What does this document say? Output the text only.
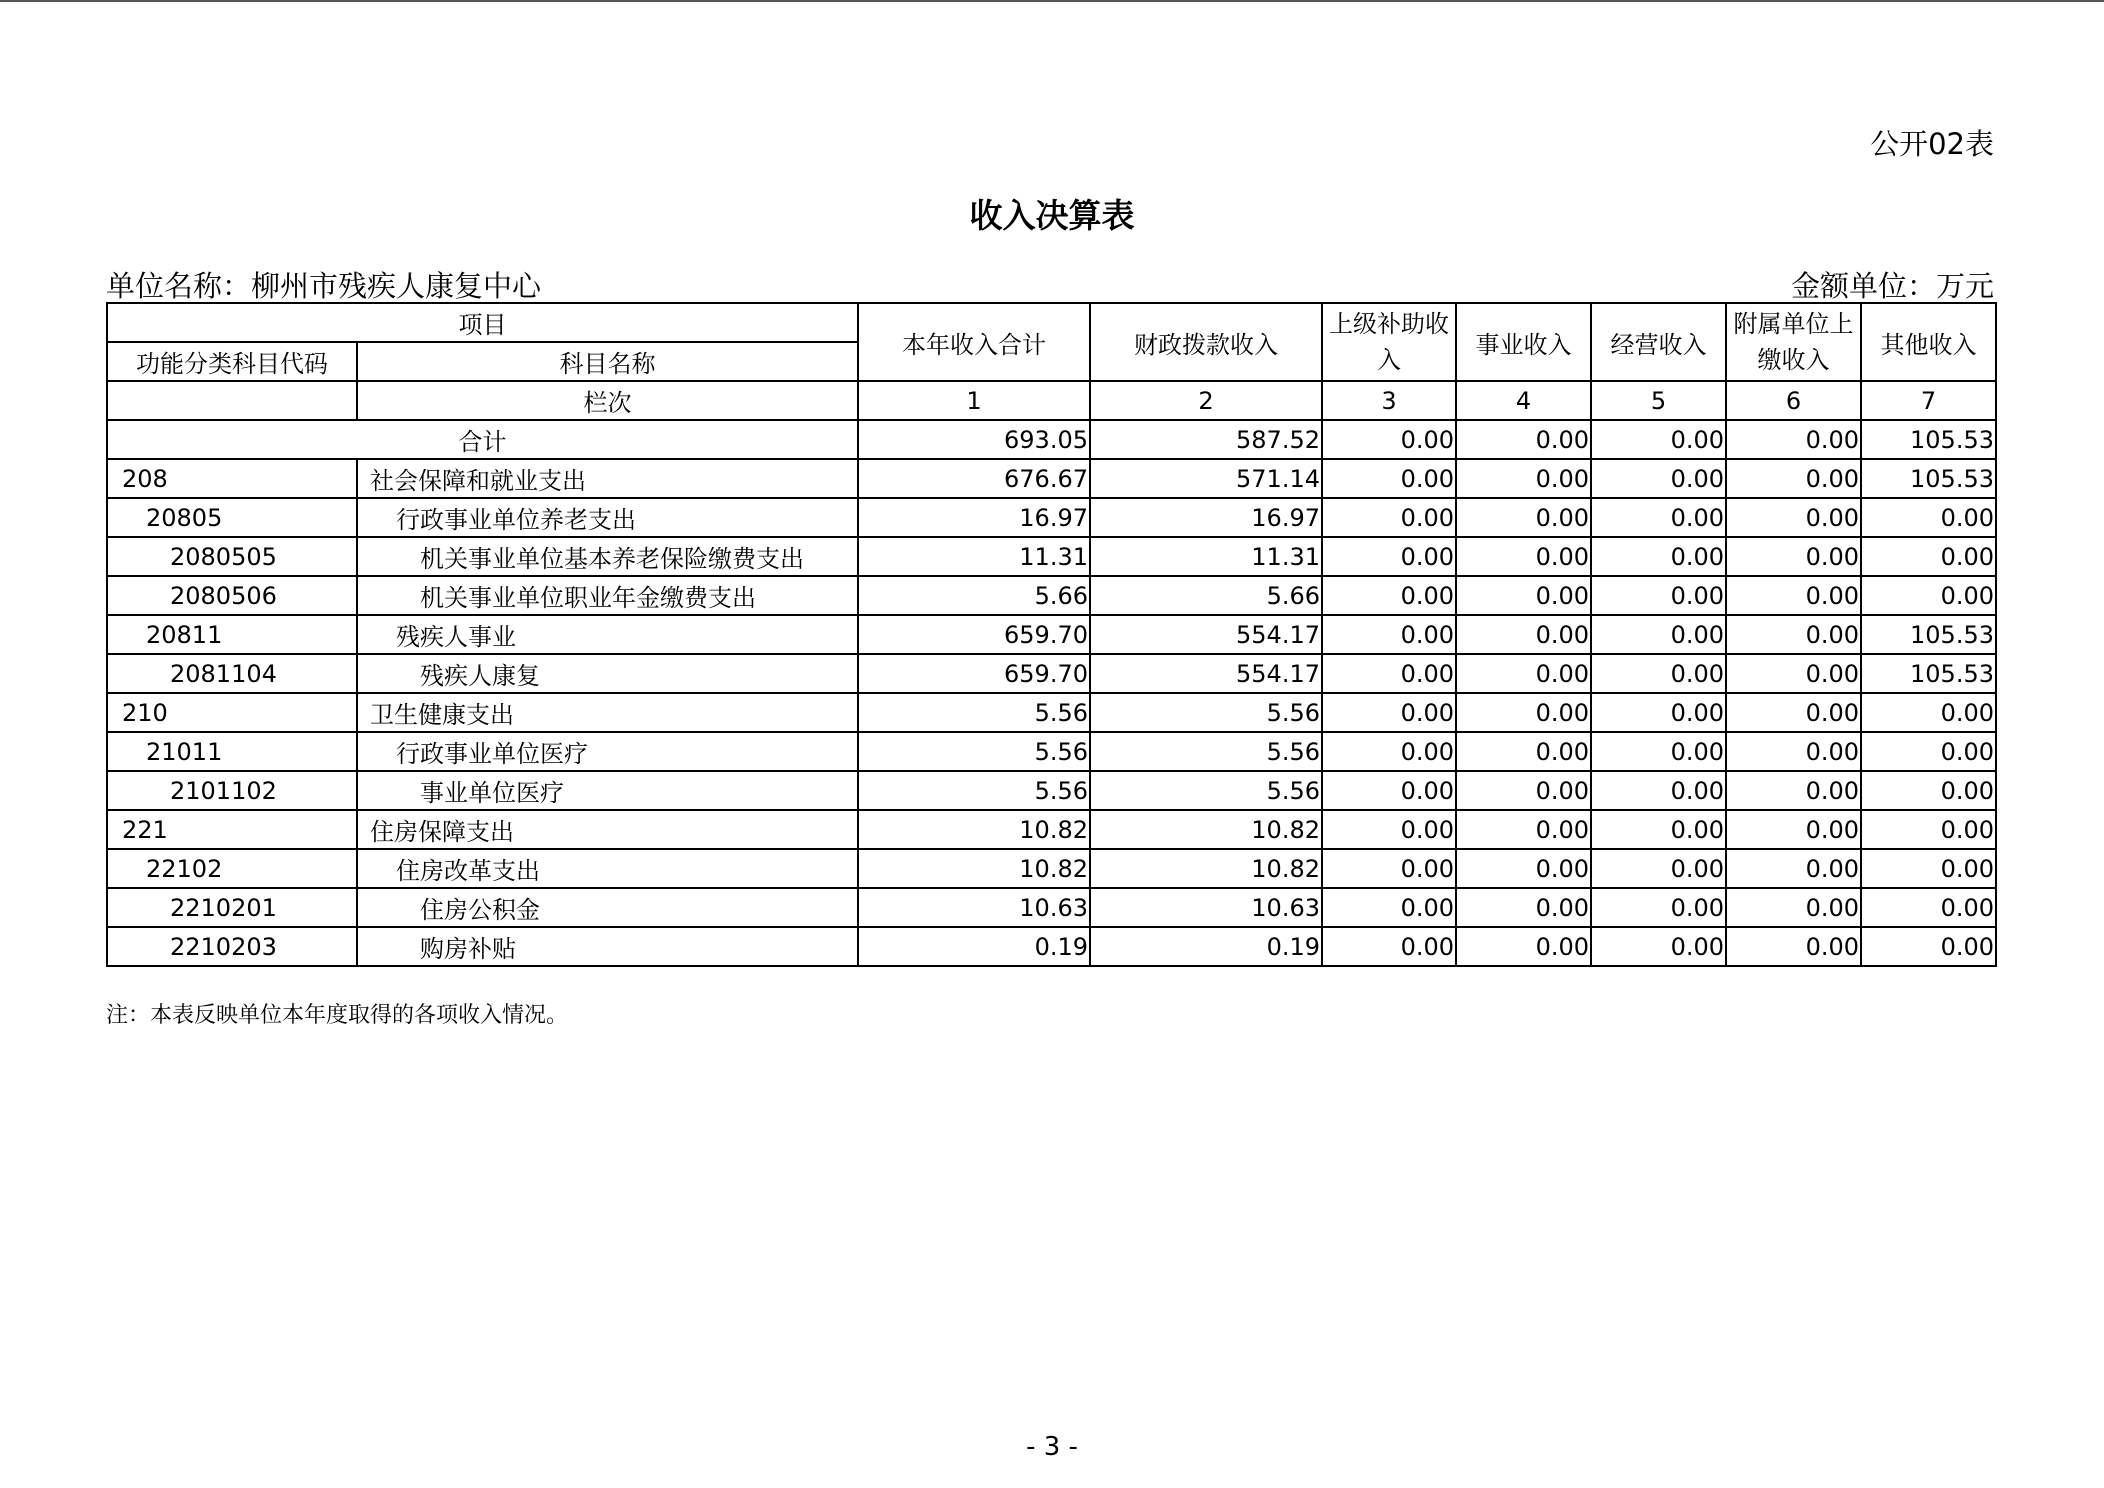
公开02表
收入决算表
单位名称：柳州市残疾人康复中心	金额单位：万元
项目		本年收入合计	财政拨款收入	上级补助收入	事业收入	经营收入	附属单位上缴收入	其他收入
功能分类科目代码	科目名称							
	栏次	1	2	3	4	5	6	7
合计		693.05	587.52	0.00	0.00	0.00	0.00	105.53
208	社会保障和就业支出	676.67	571.14	0.00	0.00	0.00	0.00	105.53
20805	行政事业单位养老支出	16.97	16.97	0.00	0.00	0.00	0.00	0.00
2080505	机关事业单位基本养老保险缴费支出	11.31	11.31	0.00	0.00	0.00	0.00	0.00
2080506	机关事业单位职业年金缴费支出	5.66	5.66	0.00	0.00	0.00	0.00	0.00
20811	残疾人事业	659.70	554.17	0.00	0.00	0.00	0.00	105.53
2081104	残疾人康复	659.70	554.17	0.00	0.00	0.00	0.00	105.53
210	卫生健康支出	5.56	5.56	0.00	0.00	0.00	0.00	0.00
21011	行政事业单位医疗	5.56	5.56	0.00	0.00	0.00	0.00	0.00
2101102	事业单位医疗	5.56	5.56	0.00	0.00	0.00	0.00	0.00
221	住房保障支出	10.82	10.82	0.00	0.00	0.00	0.00	0.00
22102	住房改革支出	10.82	10.82	0.00	0.00	0.00	0.00	0.00
2210201	住房公积金	10.63	10.63	0.00	0.00	0.00	0.00	0.00
2210203	购房补贴	0.19	0.19	0.00	0.00	0.00	0.00	0.00
注：本表反映单位本年度取得的各项收入情况。
- 3 -
